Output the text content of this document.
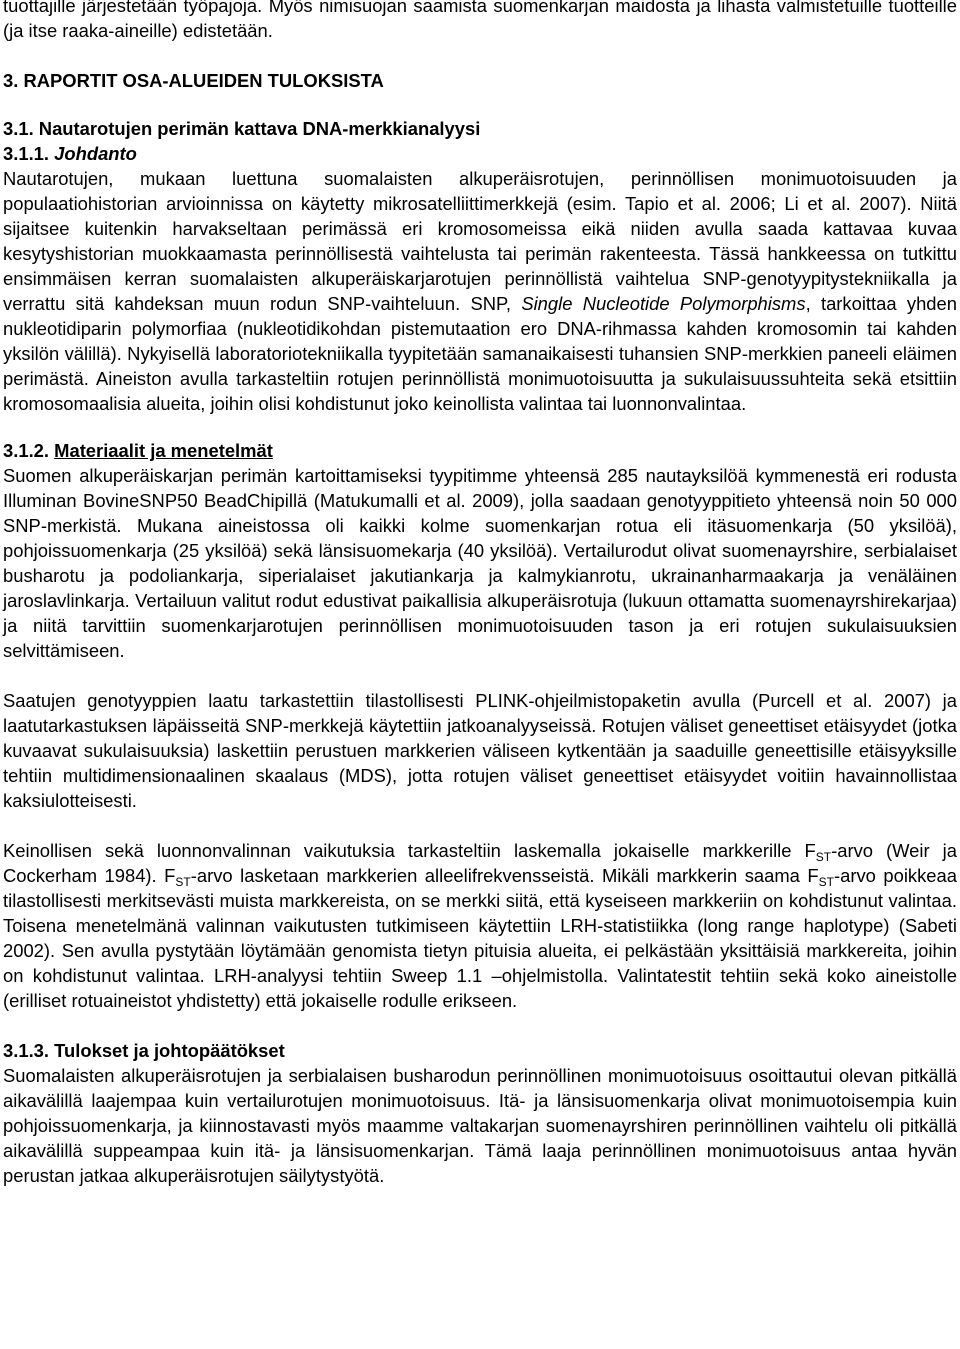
tuottajille järjestetään työpajoja. Myös nimisuojan saamista suomenkarjan maidosta ja lihasta valmistetuille tuotteille (ja itse raaka-aineille) edistetään.

3. RAPORTIT OSA-ALUEIDEN TULOKSISTA
3.1. Nautarotujen perimän kattava DNA-merkkianalyysi
3.1.1. Johdanto

Nautarotujen, mukaan luettuna suomalaisten alkuperäisrotujen, perinnöllisen monimuotoisuuden ja populaatiohistorian arvioinnissa on käytetty mikrosatelliittimerkkejä (esim. Tapio et al. 2006; Li et al. 2007). Niitä sijaitsee kuitenkin harvakseltaan perimässä eri kromosomeissa eikä niiden avulla saada kattavaa kuvaa kesytyshistorian muokkaamasta perinnöllisestä vaihtelusta tai perimän rakenteesta. Tässä hankkeessa on tutkittu ensimmäisen kerran suomalaisten alkuperäiskarjarotujen perinnöllistä vaihtelua SNP-genotyypitystekniikalla ja verrattu sitä kahdeksan muun rodun SNP-vaihteluun. SNP, Single Nucleotide Polymorphisms, tarkoittaa yhden nukleotidiparin polymorfiaa (nukleotidikohdan pistemutaation ero DNA-rihmassa kahden kromosomin tai kahden yksilön välillä). Nykyisellä laboratoriotekniikalla tyypitetään samanaikaisesti tuhansien SNP-merkkien paneeli eläimen perimästä. Aineiston avulla tarkasteltiin rotujen perinnöllistä monimuotoisuutta ja sukulaisuussuhteita sekä etsittiin kromosomaalisia alueita, joihin olisi kohdistunut joko keinollista valintaa tai luonnonvalintaa.

3.1.2. Materiaalit ja menetelmät

Suomen alkuperäiskarjan perimän kartoittamiseksi tyypitimme yhteensä 285 nautayksilöä kymmenestä eri rodusta Illuminan BovineSNP50 BeadChipillä (Matukumalli et al. 2009), jolla saadaan genotyyppitieto yhteensä noin 50 000 SNP-merkistä. Mukana aineistossa oli kaikki kolme suomenkarjan rotua eli itäsuomenkarja (50 yksilöä), pohjoissuomenkarja (25 yksilöä) sekä länsisuomekarja (40 yksilöä). Vertailurodut olivat suomenayrshire, serbialaiset busharotu ja podoliankarja, siperialaiset jakutiankarja ja kalmykianrotu, ukrainanharmaakarja ja venäläinen jaroslavlinkarja. Vertailuun valitut rodut edustivat paikallisia alkuperäisrotuja (lukuun ottamatta suomenayrshirekarjaa) ja niitä tarvittiin suomenkarjarotujen perinnöllisen monimuotoisuuden tason ja eri rotujen sukulaisuuksien selvittämiseen.

Saatujen genotyyppien laatu tarkastettiin tilastollisesti PLINK-ohjeilmistopaketin avulla (Purcell et al. 2007) ja laatutarkastuksen läpäisseitä SNP-merkkejä käytettiin jatkoanalyyseissä. Rotujen väliset geneettiset etäisyydet (jotka kuvaavat sukulaisuuksia) laskettiin perustuen markkerien väliseen kytkentään ja saaduille geneettisille etäisyyksille tehtiin multidimensionaalinen skaalaus (MDS), jotta rotujen väliset geneettiset etäisyydet voitiin havainnollistaa kaksiulotteisesti.

Keinollisen sekä luonnonvalinnan vaikutuksia tarkasteltiin laskemalla jokaiselle markkerille $F_{ST}$-arvo (Weir ja Cockerham 1984). $F_{ST}$-arvo lasketaan markkerien alleelifrekvensseistä. Mikäli markkerin saama $F_{ST}$-arvo poikkeaa tilastollisesti merkitsevästi muista markkereista, on se merkki siitä, että kyseiseen markkeriin on kohdistunut valintaa. Toisena menetelmänä valinnan vaikutusten tutkimiseen käytettiin LRH-statistiikka (long range haplotype) (Sabeti 2002). Sen avulla pystytään löytämään genomista tietyn pituisia alueita, ei pelkästään yksittäisiä markkereita, joihin on kohdistunut valintaa. LRH-analyysi tehtiin Sweep 1.1 –ohjelmistolla. Valintatestit tehtiin sekä koko aineistolle (erilliset rotuaineistot yhdistetty) että jokaiselle rodulle erikseen.

3.1.3. Tulokset ja johtopäätökset

Suomalaisten alkuperäisrotujen ja serbialaisen busharodun perinnöllinen monimuotoisuus osoittautui olevan pitkällä aikavälillä laajempaa kuin vertailurotujen monimuotoisuus. Itä- ja länsisuomenkarja olivat monimuotoisempia kuin pohjoissuomenkarja, ja kiinnostavasti myös maamme valtakarjan suomenayrshiren perinnöllinen vaihtelu oli pitkällä aikavälillä suppeampaa kuin itä- ja länsisuomenkarjan. Tämä laaja perinnöllinen monimuotoisuus antaa hyvän perustan jatkaa alkuperäisrotujen säilytystyötä.
